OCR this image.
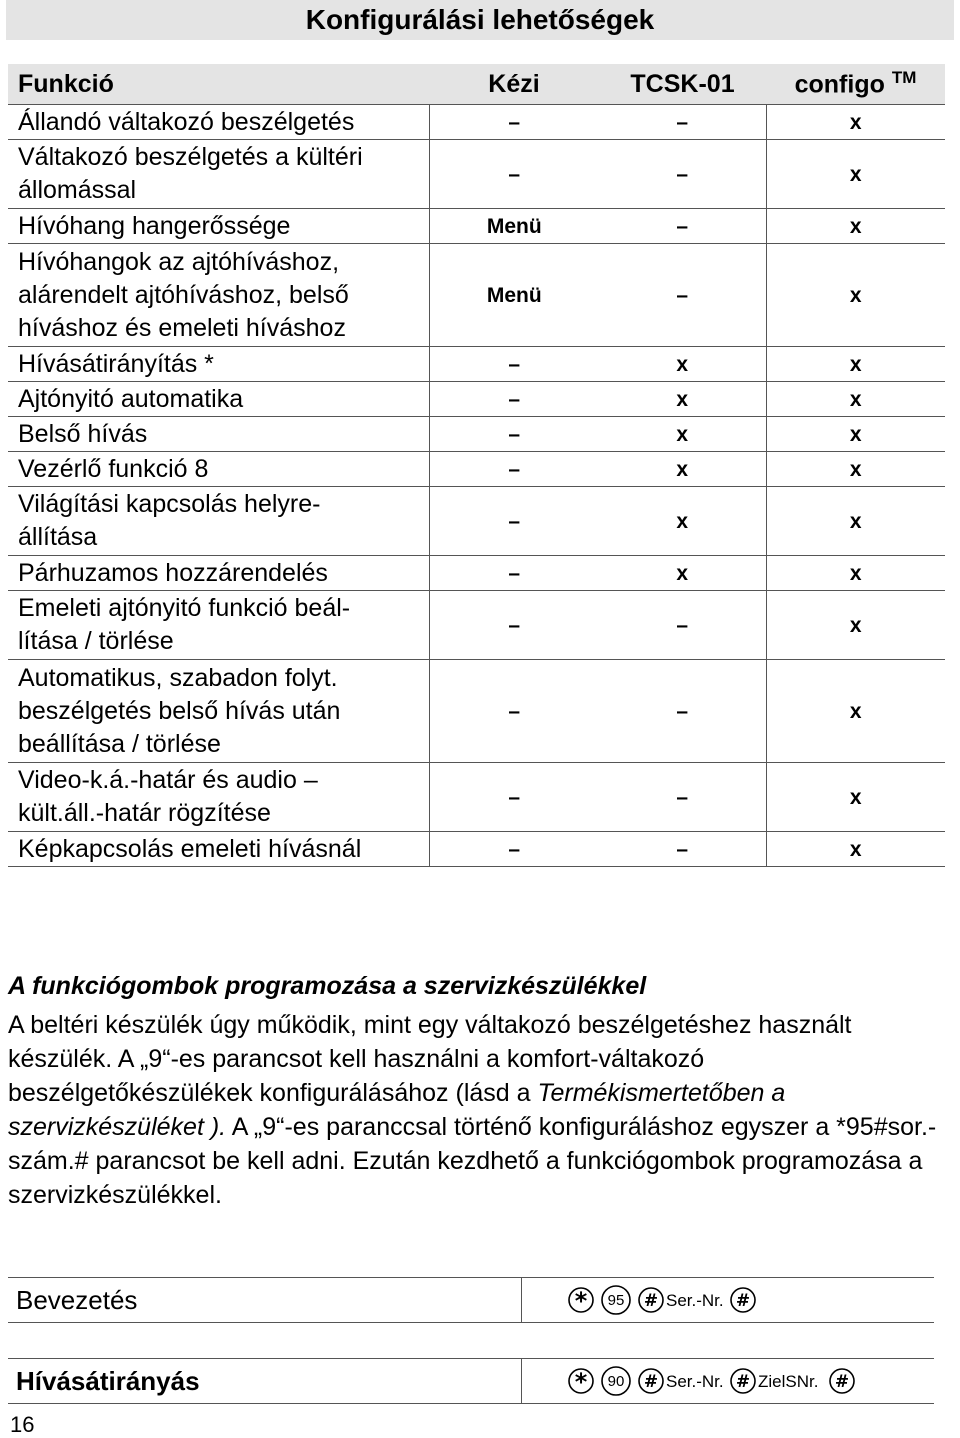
Konfigurálási lehetőségek
Funkció	Kézi	TCSK-01	configo ™

Állandó váltakozó beszélgetés	–	–	x

Váltakozó beszélgetés a kültéri
állomással	–	–	x

Hívóhang hangerőssége	Menü	–	x

Hívóhangok az ajtóhíváshoz,
alárendelt ajtóhíváshoz, belső
híváshoz és emeleti híváshoz	Menü	–	x

Hívásátirányítás *	–	x	x

Ajtónyitó automatika	–	x	x

Belső hívás	–	x	x

Vezérlő funkció 8	–	x	x

Világítási kapcsolás helyre-
állítása	–	x	x

Párhuzamos hozzárendelés	–	x	x

Emeleti ajtónyitó funkció beál-
lítása / törlése	–	–	x

Automatikus, szabadon folyt.
beszélgetés belső hívás után
beállítása / törlése	–	–	x

Video-k.á.-határ és audio –
kült.áll.-határ rögzítése	–	–	x

Képkapcsolás emeleti hívásnál	–	–	x
A funkciógombok programozása a szervizkészülékkel

A beltéri készülék úgy működik, mint egy váltakozó beszélgetéshez használt készülék. A „9“-es parancsot kell használni a komfort-váltakozó beszélgetőkészülékek konfigurálásához (lásd a Termékismertetőben a szervizkészüléket ). A „9“-es paranccsal történő konfiguráláshoz egyszer a *95#sor.-szám.# parancsot be kell adni. Ezután kezdhető a funkciógombok programozása a szervizkészülékkel.

Bevezetés	* 95 # Ser.-Nr. #
Hívásátirányás	* 90 # Ser.-Nr. # ZielSNr. #
16
